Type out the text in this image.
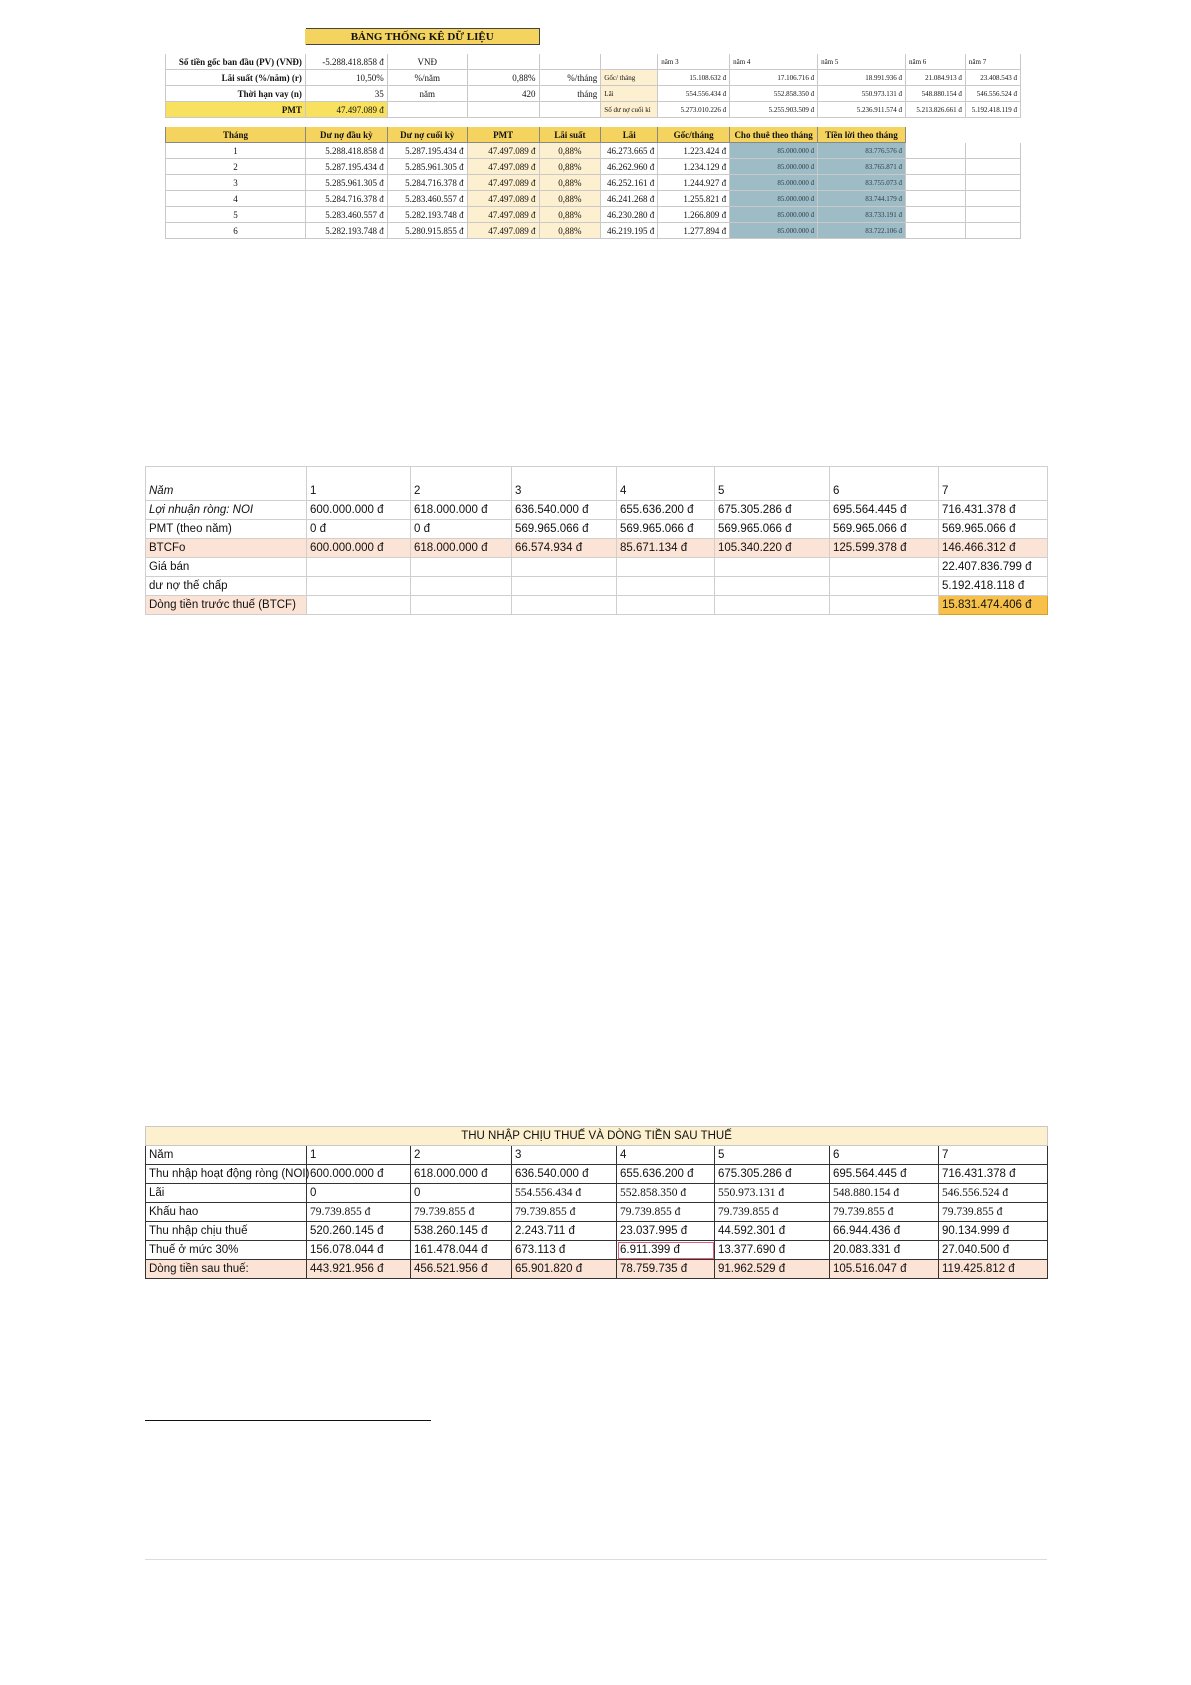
	BẢNG THỐNG KÊ DỮ LIỆU									

Số tiền gốc ban đầu (PV) (VNĐ)	-5.288.418.858 đ	VNĐ				năm 3	năm 4	năm 5	năm 6	năm 7
Lãi suất (%/năm) (r)	10,50%	%/năm	0,88%	%/tháng	Gốc/ tháng	15.108.632 đ	17.106.716 đ	18.991.936 đ	21.084.913 đ	23.408.543 đ
Thời hạn vay (n)	35	năm	420	tháng	Lãi	554.556.434 đ	552.858.350 đ	550.973.131 đ	548.880.154 đ	546.556.524 đ
PMT	47.497.089 đ				Số dư nợ cuối kì	5.273.010.226 đ	5.255.903.509 đ	5.236.911.574 đ	5.213.826.661 đ	5.192.418.119 đ

Tháng	Dư nợ đầu kỳ	Dư nợ cuối kỳ	PMT	Lãi suất	Lãi	Gốc/tháng	Cho thuê theo tháng	Tiền lời theo tháng		
1	5.288.418.858 đ	5.287.195.434 đ	47.497.089 đ	0,88%	46.273.665 đ	1.223.424 đ	85.000.000 đ	83.776.576 đ		
2	5.287.195.434 đ	5.285.961.305 đ	47.497.089 đ	0,88%	46.262.960 đ	1.234.129 đ	85.000.000 đ	83.765.871 đ		
3	5.285.961.305 đ	5.284.716.378 đ	47.497.089 đ	0,88%	46.252.161 đ	1.244.927 đ	85.000.000 đ	83.755.073 đ		
4	5.284.716.378 đ	5.283.460.557 đ	47.497.089 đ	0,88%	46.241.268 đ	1.255.821 đ	85.000.000 đ	83.744.179 đ		
5	5.283.460.557 đ	5.282.193.748 đ	47.497.089 đ	0,88%	46.230.280 đ	1.266.809 đ	85.000.000 đ	83.733.191 đ		
6	5.282.193.748 đ	5.280.915.855 đ	47.497.089 đ	0,88%	46.219.195 đ	1.277.894 đ	85.000.000 đ	83.722.106 đ		
Năm	1	2	3	4	5	6	7
Lợi nhuận ròng: NOI	600.000.000 đ	618.000.000 đ	636.540.000 đ	655.636.200 đ	675.305.286 đ	695.564.445 đ	716.431.378 đ
PMT (theo năm)	0 đ	0 đ	569.965.066 đ	569.965.066 đ	569.965.066 đ	569.965.066 đ	569.965.066 đ
BTCFo	600.000.000 đ	618.000.000 đ	66.574.934 đ	85.671.134 đ	105.340.220 đ	125.599.378 đ	146.466.312 đ
Giá bán							22.407.836.799 đ
dư nợ thế chấp							5.192.418.118 đ
Dòng tiền trước thuế (BTCF)							15.831.474.406 đ
THU NHẬP CHỊU THUẾ VÀ DÒNG TIỀN SAU THUẾ							
Năm	1	2	3	4	5	6	7
Thu nhập hoạt động ròng (NOI)	600.000.000 đ	618.000.000 đ	636.540.000 đ	655.636.200 đ	675.305.286 đ	695.564.445 đ	716.431.378 đ
Lãi	0	0	554.556.434 đ	552.858.350 đ	550.973.131 đ	548.880.154 đ	546.556.524 đ
Khấu hao	79.739.855 đ	79.739.855 đ	79.739.855 đ	79.739.855 đ	79.739.855 đ	79.739.855 đ	79.739.855 đ
Thu nhập chịu thuế	520.260.145 đ	538.260.145 đ	2.243.711 đ	23.037.995 đ	44.592.301 đ	66.944.436 đ	90.134.999 đ
Thuế ở mức 30%	156.078.044 đ	161.478.044 đ	673.113 đ	6.911.399 đ	13.377.690 đ	20.083.331 đ	27.040.500 đ
Dòng tiền sau thuế:	443.921.956 đ	456.521.956 đ	65.901.820 đ	78.759.735 đ	91.962.529 đ	105.516.047 đ	119.425.812 đ
